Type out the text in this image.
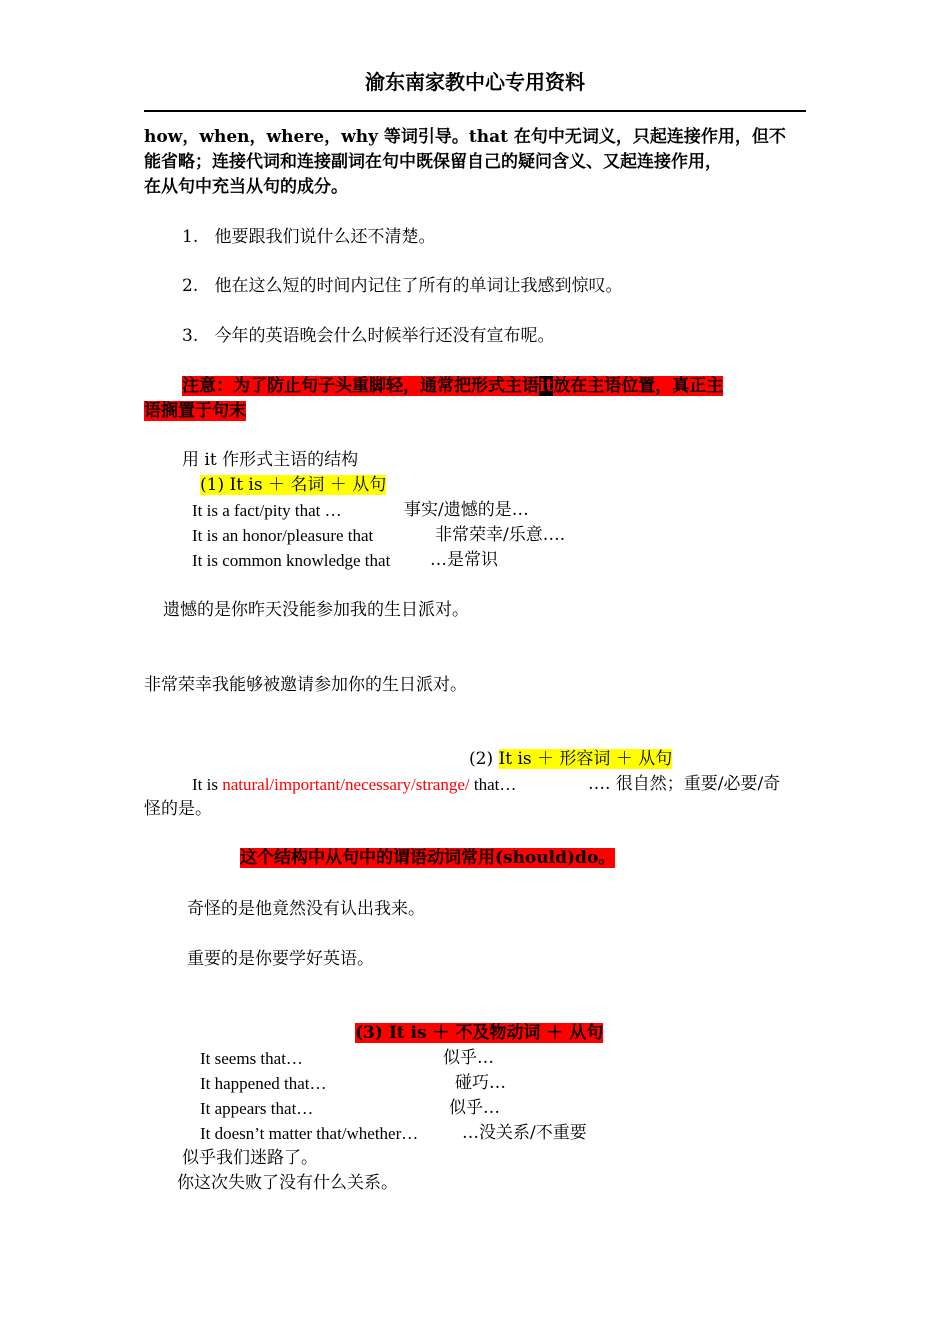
渝东南家教中心专用资料
how，when，where，why 等词引导。that 在句中无词义，只起连接作用，但不
能省略；连接代词和连接副词在句中既保留自己的疑问含义、又起连接作用，
在从句中充当从句的成分。
1. 他要跟我们说什么还不清楚。
2. 他在这么短的时间内记住了所有的单词让我感到惊叹。
3. 今年的英语晚会什么时候举行还没有宣布呢。
注意：为了防止句子头重脚轻，通常把形式主语it放在主语位置，真正主
语搁置于句末
用 it 作形式主语的结构
(1) It is ＋ 名词 ＋ 从句
It is a fact/pity that …	事实/遗憾的是…
It is an honor/pleasure that	非常荣幸/乐意….
It is common knowledge that …是常识
遗憾的是你昨天没能参加我的生日派对。
非常荣幸我能够被邀请参加你的生日派对。
(2) It is ＋ 形容词 ＋ 从句
It is natural/important/necessary/strange/ that…	…. 很自然；重要/必要/奇
怪的是。
这个结构中从句中的谓语动词常用(should)do。
奇怪的是他竟然没有认出我来。
重要的是你要学好英语。
(3) It is ＋ 不及物动词 ＋ 从句
It seems that…	似乎…
It happened that…	碰巧…
It appears that…	似乎…
It doesn’t matter that/whether…	…没关系/不重要
似乎我们迷路了。
你这次失败了没有什么关系。
